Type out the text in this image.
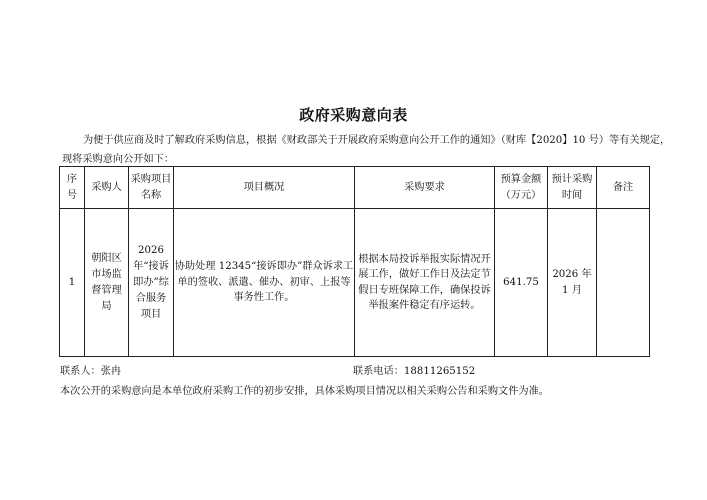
政府采购意向表
为便于供应商及时了解政府采购信息，根据《财政部关于开展政府采购意向公开工作的通知》（财库【2020】10 号）等有关规定，
现将采购意向公开如下：
序号	采购人	采购项目名称	项目概况	采购要求	预算金额（万元）	预计采购时间	备注
1	朝阳区市场监督管理局	2026 年“接诉即办”综合服务项目	协助处理 12345“接诉即办”群众诉求工单的签收、派遣、催办、初审、上报等事务性工作。	根据本局投诉举报实际情况开展工作，做好工作日及法定节假日专班保障工作，确保投诉举报案件稳定有序运转。	641.75	2026 年 1 月	
联系人：张冉	联系电话：18811265152
本次公开的采购意向是本单位政府采购工作的初步安排，具体采购项目情况以相关采购公告和采购文件为准。
